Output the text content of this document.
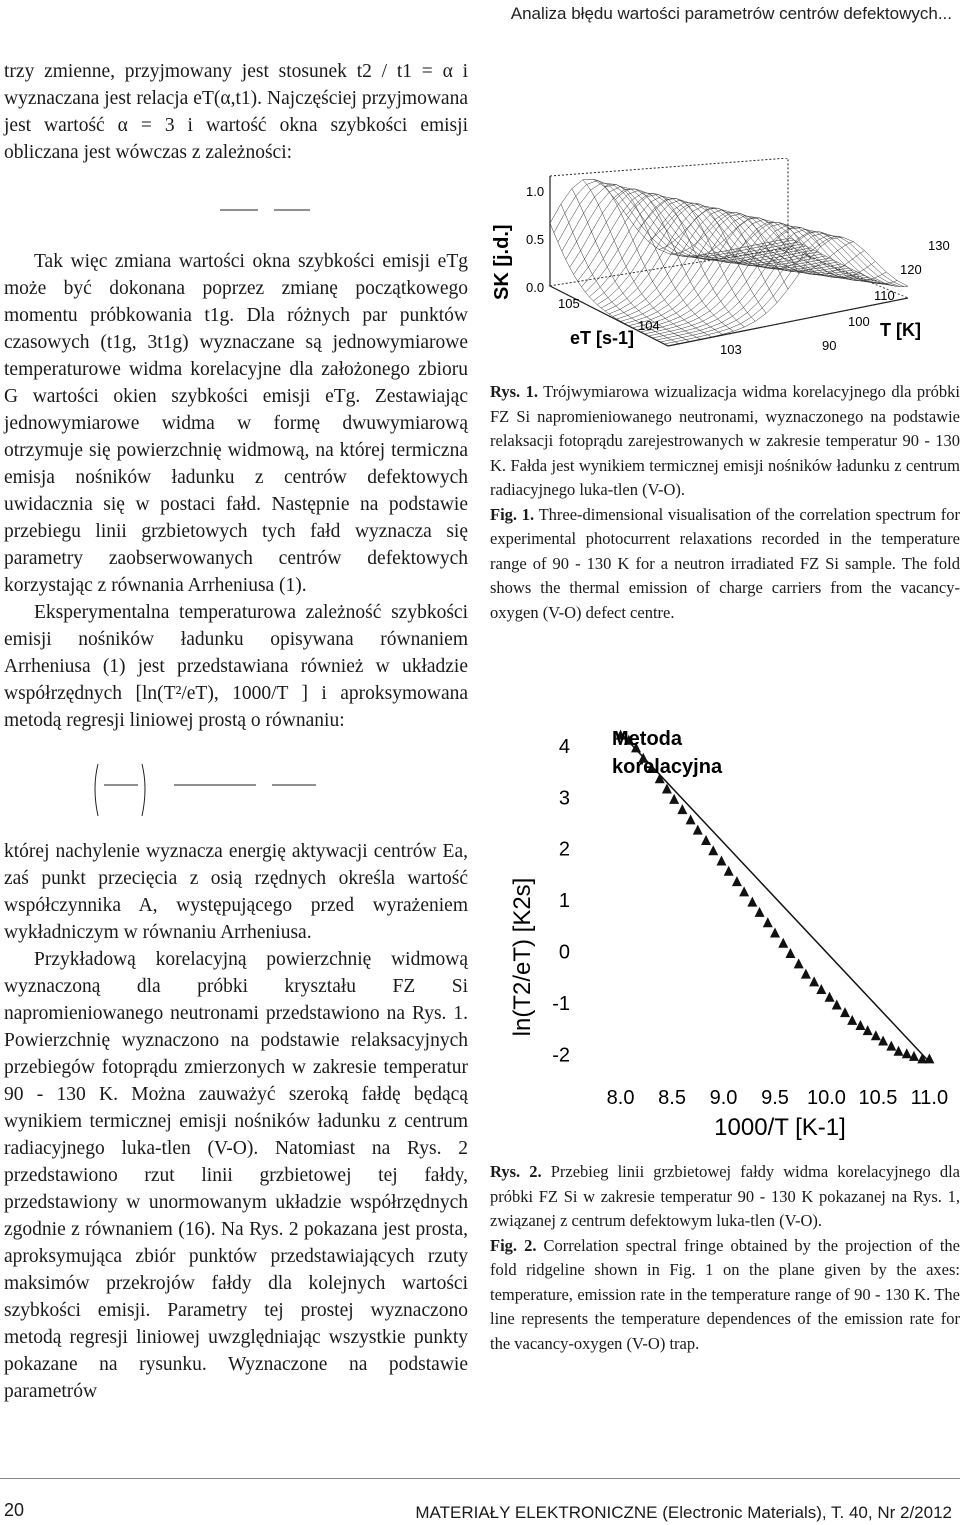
Analiza błędu wartości parametrów centrów defektowych...

trzy zmienne, przyjmowany jest stosunek t2 / t1 = α i wyznaczana jest relacja eT(α,t1). Najczęściej przyjmowana jest wartość α = 3 i wartość okna szybkości emisji obliczana jest wówczas z zależności:

Tak więc zmiana wartości okna szybkości emisji eTg może być dokonana poprzez zmianę początkowego momentu próbkowania t1g. Dla różnych par punktów czasowych (t1g, 3t1g) wyznaczane są jednowymiarowe temperaturowe widma korelacyjne dla założonego zbioru G wartości okien szybkości emisji eTg. Zestawiając jednowymiarowe widma w formę dwuwymiarową otrzymuje się powierzchnię widmową, na której termiczna emisja nośników ładunku z centrów defektowych uwidacznia się w postaci fałd. Następnie na podstawie przebiegu linii grzbietowych tych fałd wyznacza się parametry zaobserwowanych centrów defektowych korzystając z równania Arrheniusa (1).

Eksperymentalna temperaturowa zależność szybkości emisji nośników ładunku opisywana równaniem Arrheniusa (1) jest przedstawiana również w układzie współrzędnych [ln(T²/eT), 1000/T ] i aproksymowana metodą regresji liniowej prostą o równaniu:

której nachylenie wyznacza energię aktywacji centrów Ea, zaś punkt przecięcia z osią rzędnych określa wartość współczynnika A, występującego przed wyrażeniem wykładniczym w równaniu Arrheniusa.

Przykładową korelacyjną powierzchnię widmową wyznaczoną dla próbki kryształu FZ Si napromieniowanego neutronami przedstawiono na Rys. 1. Powierzchnię wyznaczono na podstawie relaksacyjnych przebiegów fotoprądu zmierzonych w zakresie temperatur 90 - 130 K. Można zauważyć szeroką fałdę będącą wynikiem termicznej emisji nośników ładunku z centrum radiacyjnego luka-tlen (V-O). Natomiast na Rys. 2 przedstawiono rzut linii grzbietowej tej fałdy, przedstawiony w unormowanym układzie współrzędnych zgodnie z równaniem (16). Na Rys. 2 pokazana jest prosta, aproksymująca zbiór punktów przedstawiających rzuty maksimów przekrojów fałdy dla kolejnych wartości szybkości emisji. Parametry tej prostej wyznaczono metodą regresji liniowej uwzględniając wszystkie punkty pokazane na rysunku. Wyznaczone na podstawie parametrów

SK [j.d.]
1.0
0.5
0.0
105
104
103
eT [s-1]
130
120
110
100
90
T [K]
Rys. 1. Trójwymiarowa wizualizacja widma korelacyjnego dla próbki FZ Si napromieniowanego neutronami, wyznaczonego na podstawie relaksacji fotoprądu zarejestrowanych w zakresie temperatur 90 - 130 K. Fałda jest wynikiem termicznej emisji nośników ładunku z centrum radiacyjnego luka-tlen (V-O).
Fig. 1. Three-dimensional visualisation of the correlation spectrum for experimental photocurrent relaxations recorded in the temperature range of 90 - 130 K for a neutron irradiated FZ Si sample. The fold shows the thermal emission of charge carriers from the vacancy-oxygen (V-O) defect centre.
-2
-1
0
1
2
3
4
8.0 8.5 9.0 9.5 10.0 10.5 11.0
Metoda
korelacyjna
ln(T2/eT) [K2s]
1000/T [K-1]
Rys. 2. Przebieg linii grzbietowej fałdy widma korelacyjnego dla próbki FZ Si w zakresie temperatur 90 - 130 K pokazanej na Rys. 1, związanej z centrum defektowym luka-tlen (V-O).
Fig. 2. Correlation spectral fringe obtained by the projection of the fold ridgeline shown in Fig. 1 on the plane given by the axes: temperature, emission rate in the temperature range of 90 - 130 K. The line represents the temperature dependences of the emission rate for the vacancy-oxygen (V-O) trap.
20	MATERIAŁY ELEKTRONICZNE (Electronic Materials), T. 40, Nr 2/2012
